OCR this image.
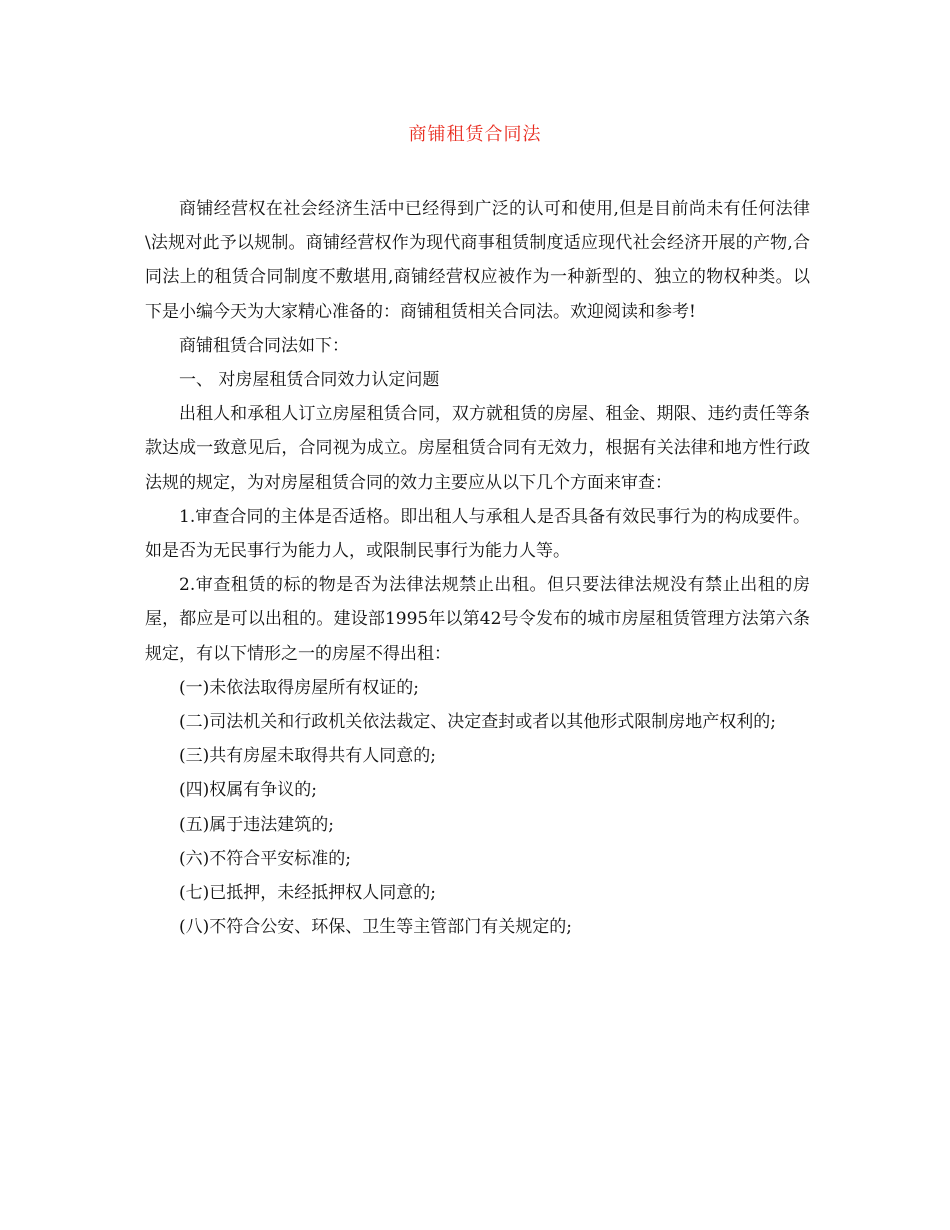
商铺租赁合同法

商铺经营权在社会经济生活中已经得到广泛的认可和使用,但是目前尚未有任何法律\法规对此予以规制。商铺经营权作为现代商事租赁制度适应现代社会经济开展的产物,合同法上的租赁合同制度不敷堪用,商铺经营权应被作为一种新型的、独立的物权种类。以下是小编今天为大家精心准备的：商铺租赁相关合同法。欢迎阅读和参考!

商铺租赁合同法如下：

一、 对房屋租赁合同效力认定问题

出租人和承租人订立房屋租赁合同，双方就租赁的房屋、租金、期限、违约责任等条款达成一致意见后，合同视为成立。房屋租赁合同有无效力，根据有关法律和地方性行政法规的规定，为对房屋租赁合同的效力主要应从以下几个方面来审查：

1.审查合同的主体是否适格。即出租人与承租人是否具备有效民事行为的构成要件。如是否为无民事行为能力人，或限制民事行为能力人等。

2.审查租赁的标的物是否为法律法规禁止出租。但只要法律法规没有禁止出租的房屋，都应是可以出租的。建设部1995年以第42号令发布的城市房屋租赁管理方法第六条规定，有以下情形之一的房屋不得出租：

(一)未依法取得房屋所有权证的;

(二)司法机关和行政机关依法裁定、决定查封或者以其他形式限制房地产权利的;

(三)共有房屋未取得共有人同意的;

(四)权属有争议的;

(五)属于违法建筑的;

(六)不符合平安标准的;

(七)已抵押，未经抵押权人同意的;

(八)不符合公安、环保、卫生等主管部门有关规定的;
